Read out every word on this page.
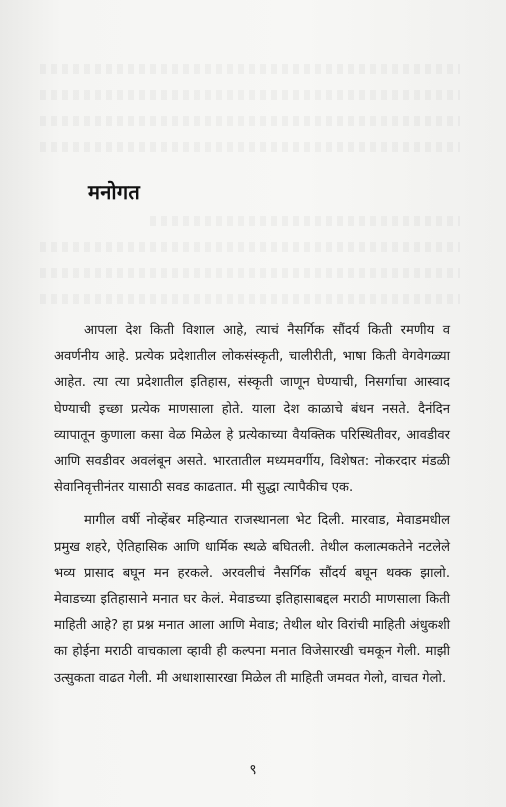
मनोगत

आपला देश किती विशाल आहे, त्याचं नैसर्गिक सौंदर्य किती रमणीय व अवर्णनीय आहे. प्रत्येक प्रदेशातील लोकसंस्कृती, चालीरीती, भाषा किती वेगवेगळ्या आहेत. त्या त्या प्रदेशातील इतिहास, संस्कृती जाणून घेण्याची, निसर्गाचा आस्वाद घेण्याची इच्छा प्रत्येक माणसाला होते. याला देश काळाचे बंधन नसते. दैनंदिन व्यापातून कुणाला कसा वेळ मिळेल हे प्रत्येकाच्या वैयक्तिक परिस्थितीवर, आवडीवर आणि सवडीवर अवलंबून असते. भारतातील मध्यमवर्गीय, विशेषत: नोकरदार मंडळी सेवानिवृत्तीनंतर यासाठी सवड काढतात. मी सुद्धा त्यापैकीच एक.

मागील वर्षी नोव्हेंबर महिन्यात राजस्थानला भेट दिली. मारवाड, मेवाडमधील प्रमुख शहरे, ऐतिहासिक आणि धार्मिक स्थळे बघितली. तेथील कलात्मकतेने नटलेले भव्य प्रासाद बघून मन हरकले. अरवलीचं नैसर्गिक सौंदर्य बघून थक्क झालो. मेवाडच्या इतिहासाने मनात घर केलं. मेवाडच्या इतिहासाबद्दल मराठी माणसाला किती माहिती आहे? हा प्रश्न मनात आला आणि मेवाड; तेथील थोर विरांची माहिती अंधुकशी का होईना मराठी वाचकाला व्हावी ही कल्पना मनात विजेसारखी चमकून गेली. माझी उत्सुकता वाढत गेली. मी अधाशासारखा मिळेल ती माहिती जमवत गेलो, वाचत गेलो.

९
